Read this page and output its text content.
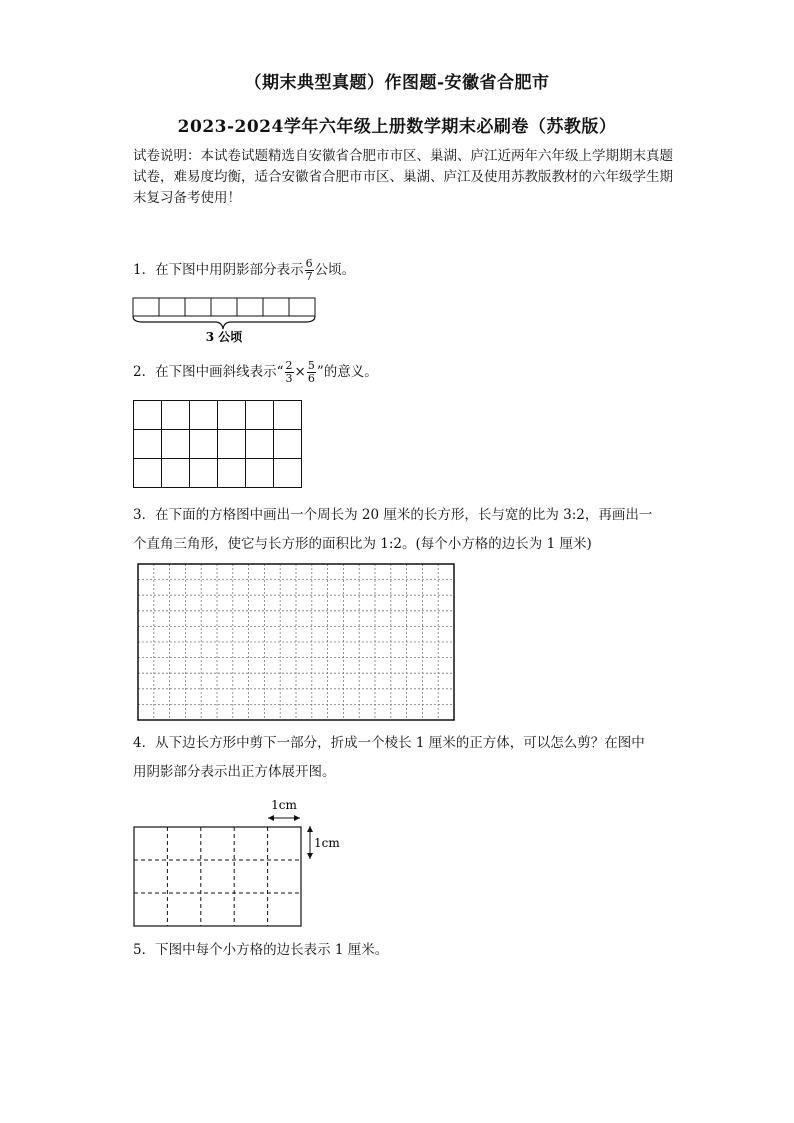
（期末典型真题）作图题-安徽省合肥市
2023-2024学年六年级上册数学期末必刷卷（苏教版）
试卷说明：本试卷试题精选自安徽省合肥市市区、巢湖、庐江近两年六年级上学期期末真题试卷，难易度均衡，适合安徽省合肥市市区、巢湖、庐江及使用苏教版教材的六年级学生期末复习备考使用！
1．在下图中用阴影部分表示 $\frac{6}{7}$ 公顷。
3 公顷
2．在下图中画斜线表示“ $\frac{2}{3} \times \frac{5}{6}$ ”的意义。
3．在下面的方格图中画出一个周长为 20 厘米的长方形，长与宽的比为 3:2，再画出一
个直角三角形，使它与长方形的面积比为 1:2。(每个小方格的边长为 1 厘米)
4．从下边长方形中剪下一部分，折成一个棱长 1 厘米的正方体，可以怎么剪？在图中
用阴影部分表示出正方体展开图。
1cm
1cm
5．下图中每个小方格的边长表示 1 厘米。
